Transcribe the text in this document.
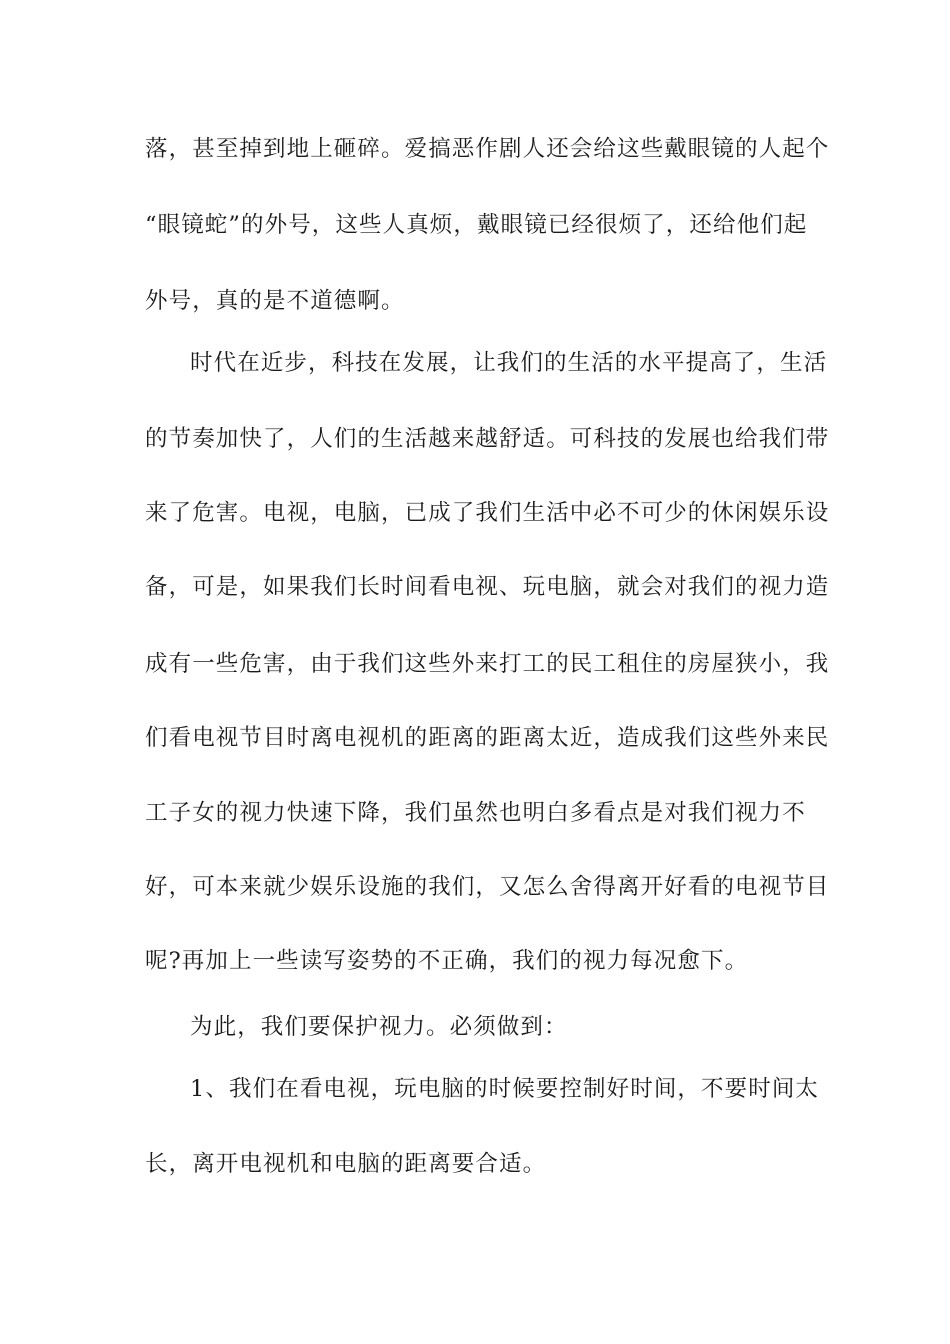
落，甚至掉到地上砸碎。爱搞恶作剧人还会给这些戴眼镜的人起个
“眼镜蛇”的外号，这些人真烦，戴眼镜已经很烦了，还给他们起
外号，真的是不道德啊。
时代在近步，科技在发展，让我们的生活的水平提高了，生活
的节奏加快了，人们的生活越来越舒适。可科技的发展也给我们带
来了危害。电视，电脑，已成了我们生活中必不可少的休闲娱乐设
备，可是，如果我们长时间看电视、玩电脑，就会对我们的视力造
成有一些危害，由于我们这些外来打工的民工租住的房屋狭小，我
们看电视节目时离电视机的距离的距离太近，造成我们这些外来民
工子女的视力快速下降，我们虽然也明白多看点是对我们视力不
好，可本来就少娱乐设施的我们，又怎么舍得离开好看的电视节目
呢?再加上一些读写姿势的不正确，我们的视力每况愈下。
为此，我们要保护视力。必须做到：
1、我们在看电视，玩电脑的时候要控制好时间，不要时间太
长，离开电视机和电脑的距离要合适。
